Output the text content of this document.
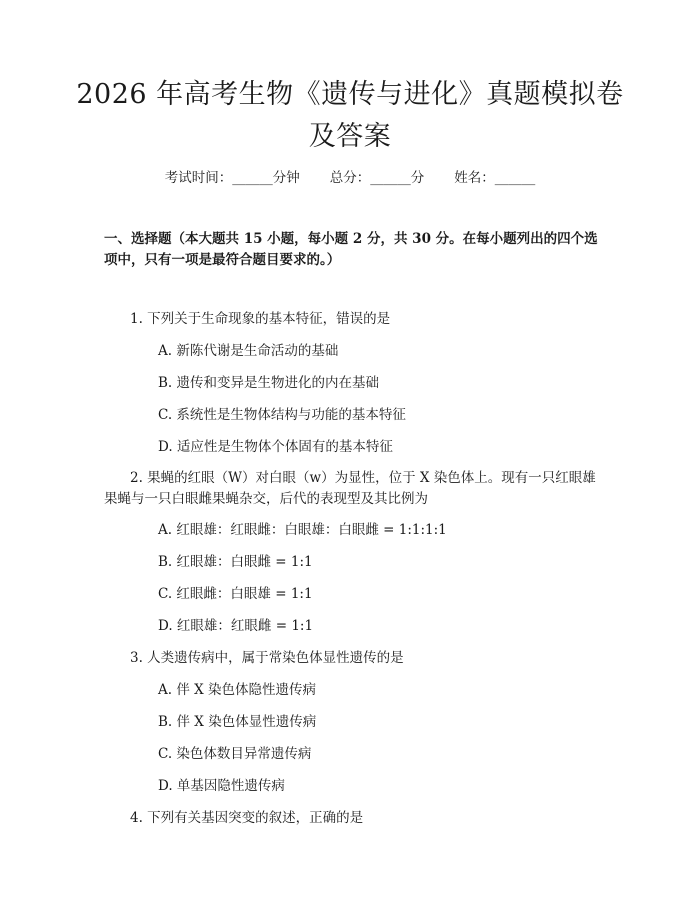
2026 年高考生物《遗传与进化》真题模拟卷及答案
考试时间：______分钟 总分：______分 姓名：______

一、选择题（本大题共 15 小题，每小题 2 分，共 30 分。在每小题列出的四个选项中，只有一项是最符合题目要求的。）

1. 下列关于生命现象的基本特征，错误的是

A. 新陈代谢是生命活动的基础

B. 遗传和变异是生物进化的内在基础

C. 系统性是生物体结构与功能的基本特征

D. 适应性是生物体个体固有的基本特征

2. 果蝇的红眼（W）对白眼（w）为显性，位于 X 染色体上。现有一只红眼雄果蝇与一只白眼雌果蝇杂交，后代的表现型及其比例为

A. 红眼雄：红眼雌：白眼雄：白眼雌 = 1:1:1:1

B. 红眼雄：白眼雌 = 1:1

C. 红眼雌：白眼雄 = 1:1

D. 红眼雄：红眼雌 = 1:1

3. 人类遗传病中，属于常染色体显性遗传的是

A. 伴 X 染色体隐性遗传病

B. 伴 X 染色体显性遗传病

C. 染色体数目异常遗传病

D. 单基因隐性遗传病

4. 下列有关基因突变的叙述，正确的是
